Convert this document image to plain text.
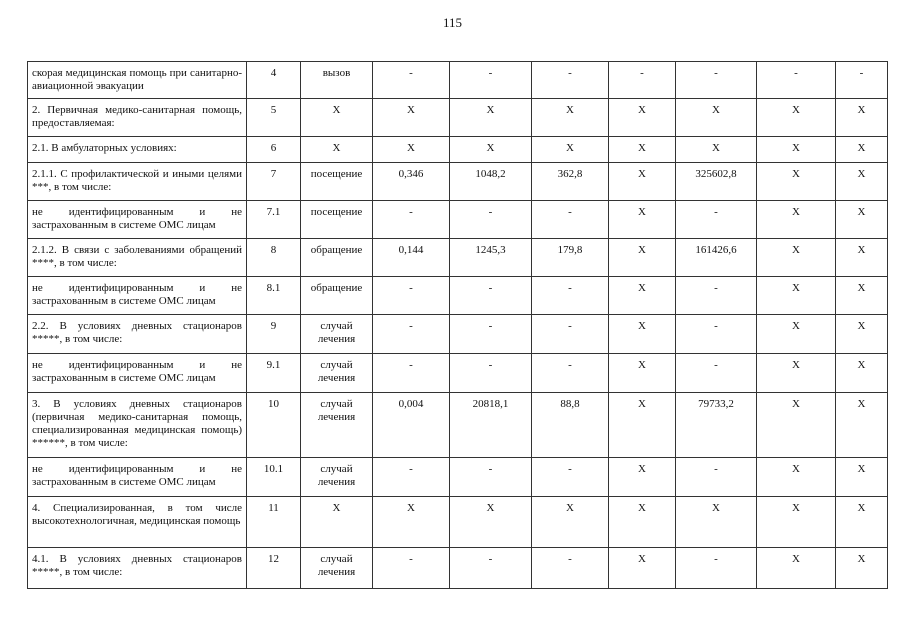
115
скорая медицинская помощь при санитарно-авиационной эвакуации	4	вызов	-	-	-	-	-	-	-
2. Первичная медико-санитарная помощь, предоставляемая:	5	X	X	X	X	X	X	X	X
2.1. В амбулаторных условиях:	6	X	X	X	X	X	X	X	X
2.1.1. С профилактической и иными целями ***, в том числе:	7	посещение	0,346	1048,2	362,8	X	325602,8	X	X
не идентифицированным и не застрахованным в системе ОМС лицам	7.1	посещение	-	-	-	X	-	X	X
2.1.2. В связи с заболеваниями обращений ****, в том числе:	8	обращение	0,144	1245,3	179,8	X	161426,6	X	X
не идентифицированным и не застрахованным в системе ОМС лицам	8.1	обращение	-	-	-	X	-	X	X
2.2. В условиях дневных стационаров *****, в том числе:	9	случай лечения	-	-	-	X	-	X	X
не идентифицированным и не застрахованным в системе ОМС лицам	9.1	случай лечения	-	-	-	X	-	X	X
3. В условиях дневных стационаров (первичная медико-санитарная помощь, специализированная медицинская помощь) ******, в том числе:	10	случай лечения	0,004	20818,1	88,8	X	79733,2	X	X
не идентифицированным и не застрахованным в системе ОМС лицам	10.1	случай лечения	-	-	-	X	-	X	X
4. Специализированная, в том числе высокотехнологичная, медицинская помощь	11	X	X	X	X	X	X	X	X
4.1. В условиях дневных стационаров *****, в том числе:	12	случай лечения	-	-	-	X	-	X	X
